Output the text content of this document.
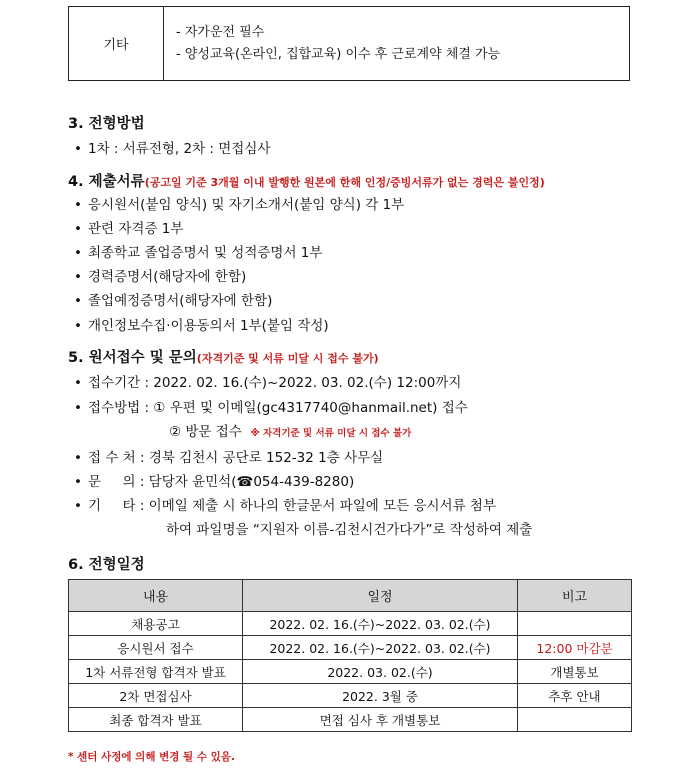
기타	
- 자가운전 필수
- 양성교육(온라인, 집합교육) 이수 후 근로계약 체결 가능
3. 전형방법
• 1차 : 서류전형, 2차 : 면접심사
4. 제출서류(공고일 기준 3개월 이내 발행한 원본에 한해 인정/증빙서류가 없는 경력은 불인정)
• 응시원서(붙임 양식) 및 자기소개서(붙임 양식) 각 1부
• 관련 자격증 1부
• 최종학교 졸업증명서 및 성적증명서 1부
• 경력증명서(해당자에 한함)
• 졸업예정증명서(해당자에 한함)
• 개인정보수집·이용동의서 1부(붙임 작성)
5. 원서접수 및 문의(자격기준 및 서류 미달 시 접수 불가)
• 접수기간 : 2022. 02. 16.(수)~2022. 03. 02.(수) 12:00까지
• 접수방법 : ① 우편 및 이메일(gc4317740@hanmail.net) 접수
② 방문 접수 ※ 자격기준 및 서류 미달 시 접수 불가
• 접 수 처 : 경북 김천시 공단로 152-32 1층 사무실
• 문     의 : 담당자 윤민석(☎054-439-8280)
• 기     타 : 이메일 제출 시 하나의 한글문서 파일에 모든 응시서류 첨부
하여 파일명을 “지원자 이름-김천시건가다가”로 작성하여 제출
6. 전형일정
내용	일정	비고
채용공고	2022. 02. 16.(수)~2022. 03. 02.(수)	
응시원서 접수	2022. 02. 16.(수)~2022. 03. 02.(수)	12:00 마감분
1차 서류전형 합격자 발표	2022. 03. 02.(수)	개별통보
2차 면접심사	2022. 3월 중	추후 안내
최종 합격자 발표	면접 심사 후 개별통보	
* 센터 사정에 의해 변경 될 수 있음.
